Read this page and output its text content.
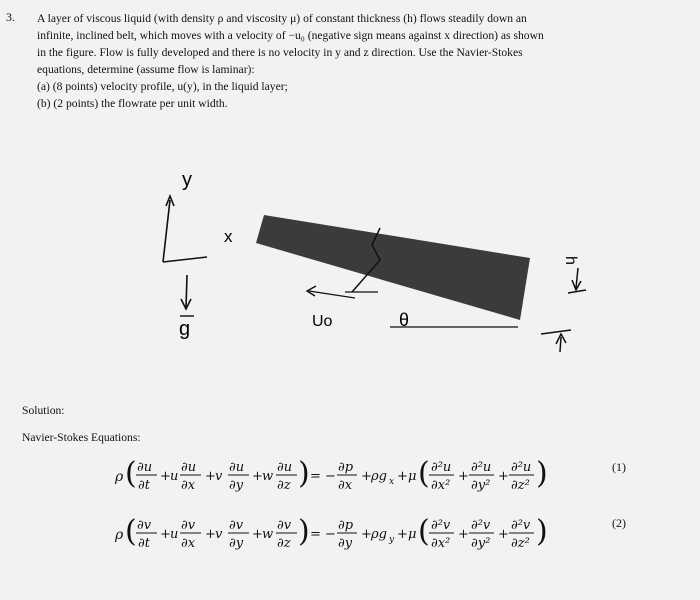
3. A layer of viscous liquid (with density ρ and viscosity μ) of constant thickness (h) flows steadily down an
infinite, inclined belt, which moves with a velocity of −u₀ (negative sign means against x direction) as shown
in the figure. Flow is fully developed and there is no velocity in y and z direction. Use the Navier-Stokes
equations, determine (assume flow is laminar):
(a) (8 points) velocity profile, u(y), in the liquid layer;
(b) (2 points) the flowrate per unit width.
y
x
g	Uo	θ
h
Solution:
Navier-Stokes Equations:
ρ ( ∂u
∂t
+ u
∂u
∂x
+ v
∂u
∂y
+ w
∂u
∂z ) = −
∂p
∂x
+ ρg x + μ ( ∂²u
∂x²
+
∂²u
∂y²
+
∂²u
∂z² )	(1)
ρ ( ∂v
∂t
+ u
∂v
∂x
+ v
∂v
∂y
+ w
∂v
∂z ) = −
∂p
∂y
+ ρg y + μ ( ∂²v
∂x²
+
∂²v
∂y²
+
∂²v
∂z² )	(2)
